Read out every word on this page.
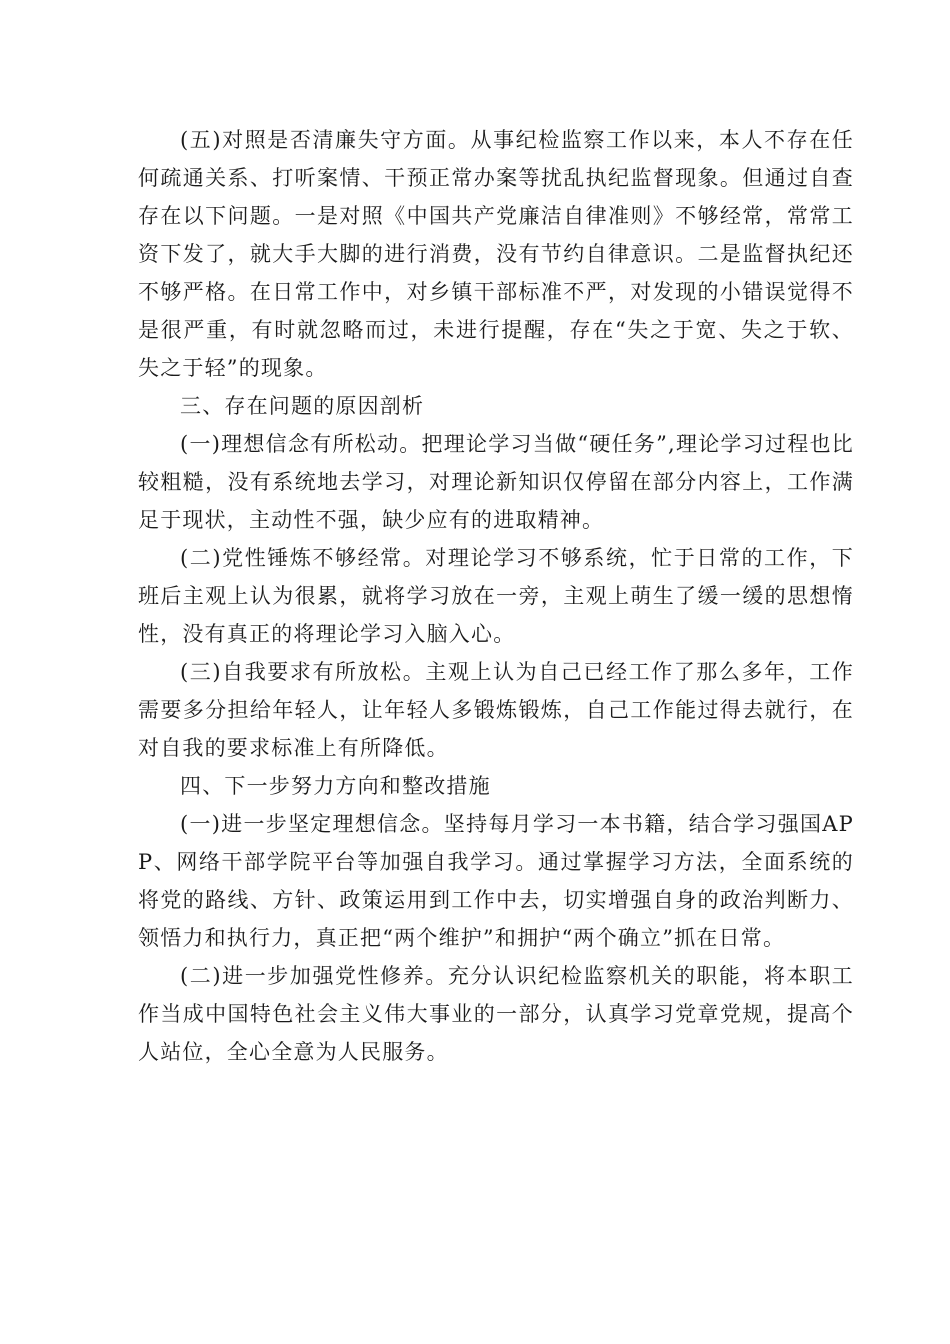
(五)对照是否清廉失守方面。从事纪检监察工作以来，本人不存在任何疏通关系、打听案情、干预正常办案等扰乱执纪监督现象。但通过自查存在以下问题。一是对照《中国共产党廉洁自律准则》不够经常，常常工资下发了，就大手大脚的进行消费，没有节约自律意识。二是监督执纪还不够严格。在日常工作中，对乡镇干部标准不严，对发现的小错误觉得不是很严重，有时就忽略而过，未进行提醒，存在“失之于宽、失之于软、失之于轻”的现象。

三、存在问题的原因剖析

(一)理想信念有所松动。把理论学习当做“硬任务”,理论学习过程也比较粗糙，没有系统地去学习，对理论新知识仅停留在部分内容上，工作满足于现状，主动性不强，缺少应有的进取精神。

(二)党性锤炼不够经常。对理论学习不够系统，忙于日常的工作，下班后主观上认为很累，就将学习放在一旁，主观上萌生了缓一缓的思想惰性，没有真正的将理论学习入脑入心。

(三)自我要求有所放松。主观上认为自己已经工作了那么多年，工作需要多分担给年轻人，让年轻人多锻炼锻炼，自己工作能过得去就行，在对自我的要求标准上有所降低。

四、下一步努力方向和整改措施

(一)进一步坚定理想信念。坚持每月学习一本书籍，结合学习强国APP、网络干部学院平台等加强自我学习。通过掌握学习方法，全面系统的将党的路线、方针、政策运用到工作中去，切实增强自身的政治判断力、领悟力和执行力，真正把“两个维护”和拥护“两个确立”抓在日常。

(二)进一步加强党性修养。充分认识纪检监察机关的职能，将本职工作当成中国特色社会主义伟大事业的一部分，认真学习党章党规，提高个人站位，全心全意为人民服务。
